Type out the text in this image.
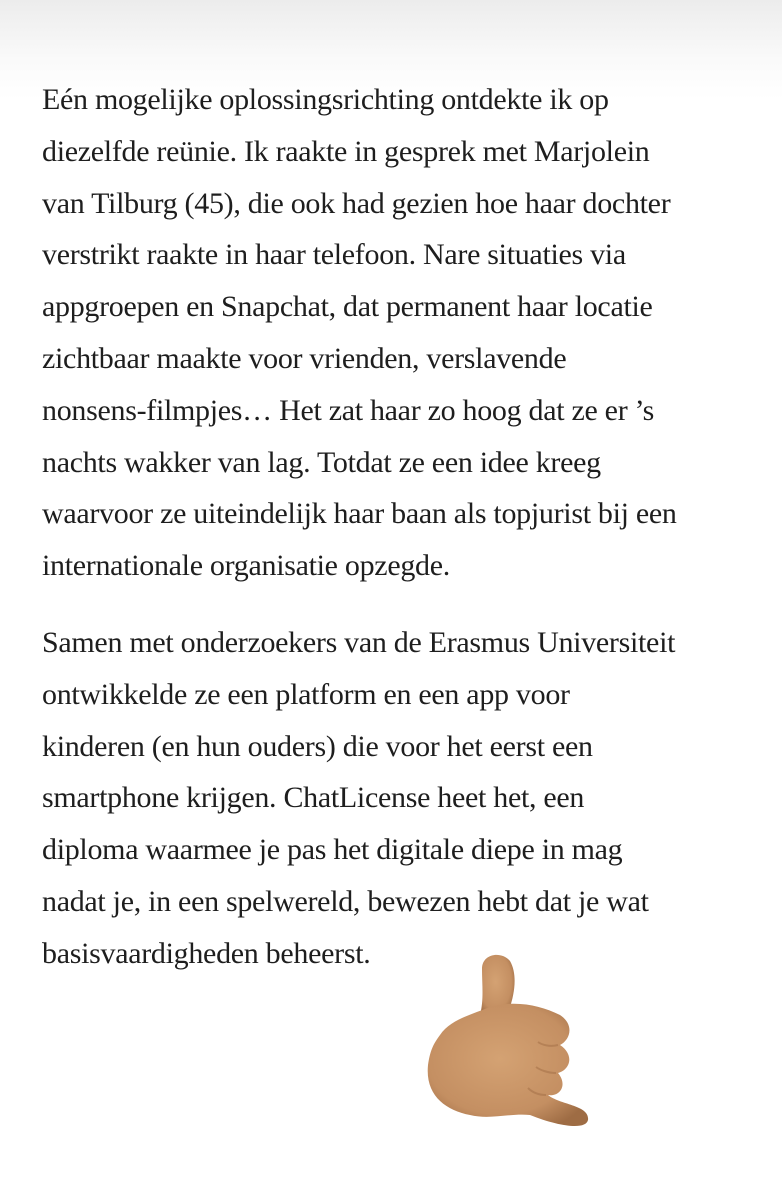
Eén mogelijke oplossingsrichting ontdekte ik op
diezelfde reünie. Ik raakte in gesprek met Marjolein
van Tilburg (45), die ook had gezien hoe haar dochter
verstrikt raakte in haar telefoon. Nare situaties via
appgroepen en Snapchat, dat permanent haar locatie
zichtbaar maakte voor vrienden, verslavende
nonsens-filmpjes… Het zat haar zo hoog dat ze er ’s
nachts wakker van lag. Totdat ze een idee kreeg
waarvoor ze uiteindelijk haar baan als topjurist bij een
internationale organisatie opzegde.
Samen met onderzoekers van de Erasmus Universiteit
ontwikkelde ze een platform en een app voor
kinderen (en hun ouders) die voor het eerst een
smartphone krijgen. ChatLicense heet het, een
diploma waarmee je pas het digitale diepe in mag
nadat je, in een spelwereld, bewezen hebt dat je wat
basisvaardigheden beheerst.
